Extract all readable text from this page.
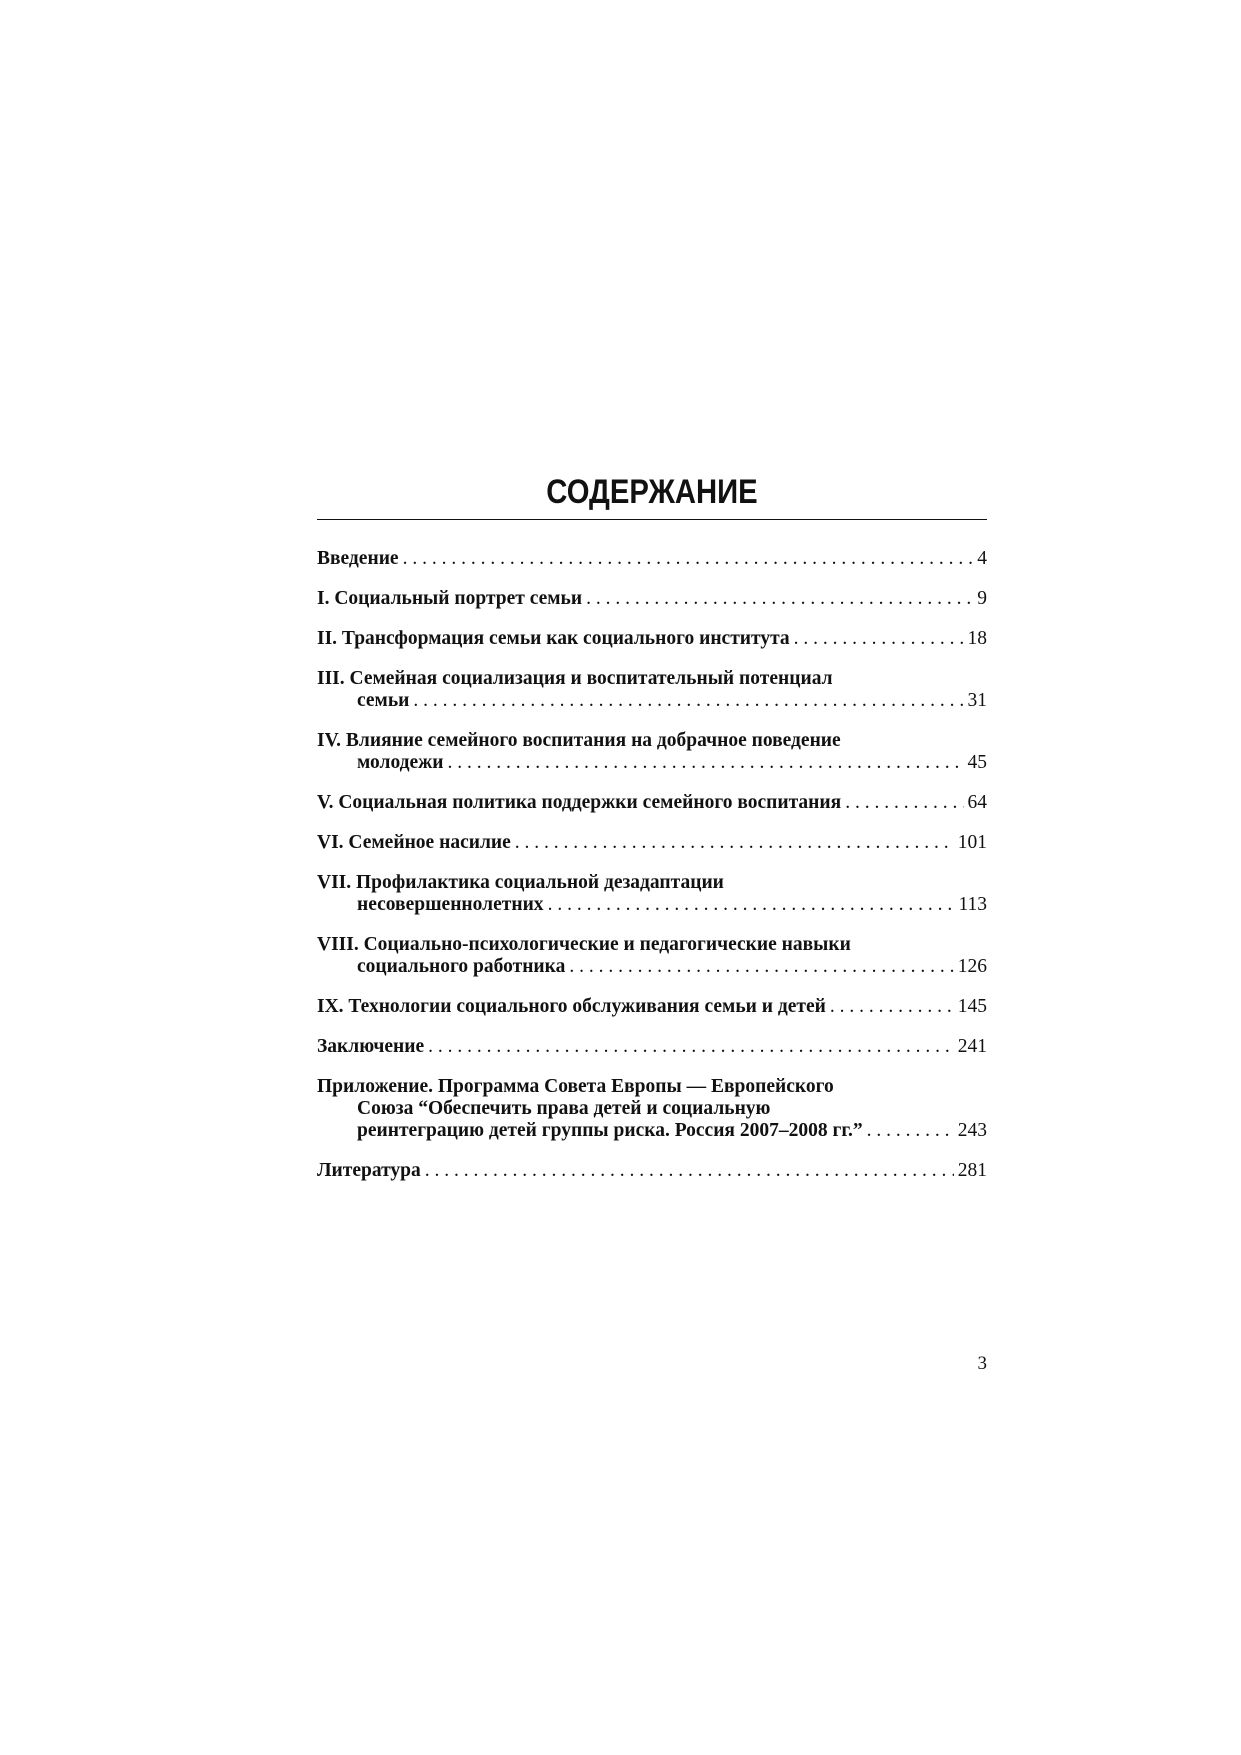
СОДЕРЖАНИЕ
Введение . . .	4
I. Социальный портрет семьи . . .	9
II. Трансформация семьи как социального института . . .	18
III. Семейная социализация и воспитательный потенциал
семьи . . .	31
IV. Влияние семейного воспитания на добрачное поведение
молодежи . . .	45
V. Социальная политика поддержки семейного воспитания . . .	64
VI. Семейное насилие . . .	101
VII. Профилактика социальной дезадаптации
несовершеннолетних . . .	113
VIII. Социально-психологические и педагогические навыки
социального работника . . .	126
IX. Технологии социального обслуживания семьи и детей . . .	145
Заключение . . .	241
Приложение. Программа Совета Европы — Европейского
Союза “Обеспечить права детей и социальную
реинтеграцию детей группы риска. Россия 2007–2008 гг.” . . .	243
Литература . . .	281
3
